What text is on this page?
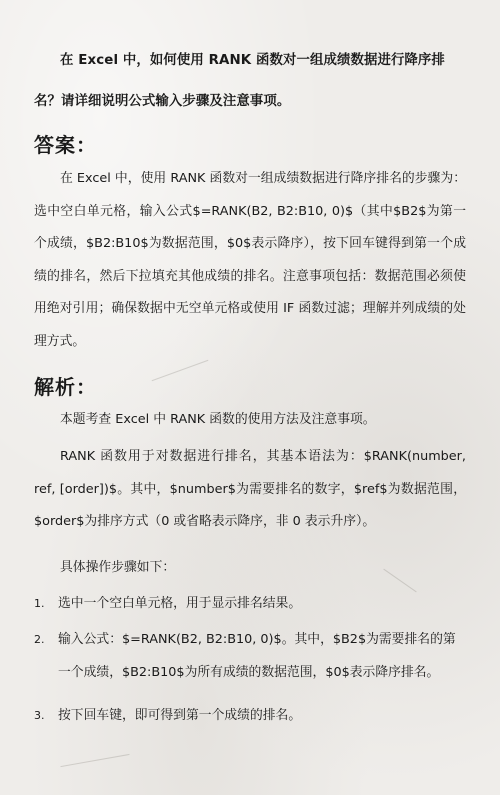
在 Excel 中，如何使用 RANK 函数对一组成绩数据进行降序排名？请详细说明公式输入步骤及注意事项。
答案：
在 Excel 中，使用 RANK 函数对一组成绩数据进行降序排名的步骤为：选中空白单元格，输入公式$=RANK(B2, B2:B10, 0)$（其中$B2$为第一个成绩，$B2:B10$为数据范围，$0$表示降序），按下回车键得到第一个成绩的排名，然后下拉填充其他成绩的排名。注意事项包括：数据范围必须使用绝对引用；确保数据中无空单元格或使用 IF 函数过滤；理解并列成绩的处理方式。
解析：
本题考查 Excel 中 RANK 函数的使用方法及注意事项。
RANK 函数用于对数据进行排名，其基本语法为：$RANK(number, ref, [order])$。其中，$number$为需要排名的数字，$ref$为数据范围，$order$为排序方式（0 或省略表示降序，非 0 表示升序）。
具体操作步骤如下：
1. 选中一个空白单元格，用于显示排名结果。
2. 输入公式：$=RANK(B2, B2:B10, 0)$。其中，$B2$为需要排名的第一个成绩，$B2:B10$为所有成绩的数据范围，$0$表示降序排名。
3. 按下回车键，即可得到第一个成绩的排名。
